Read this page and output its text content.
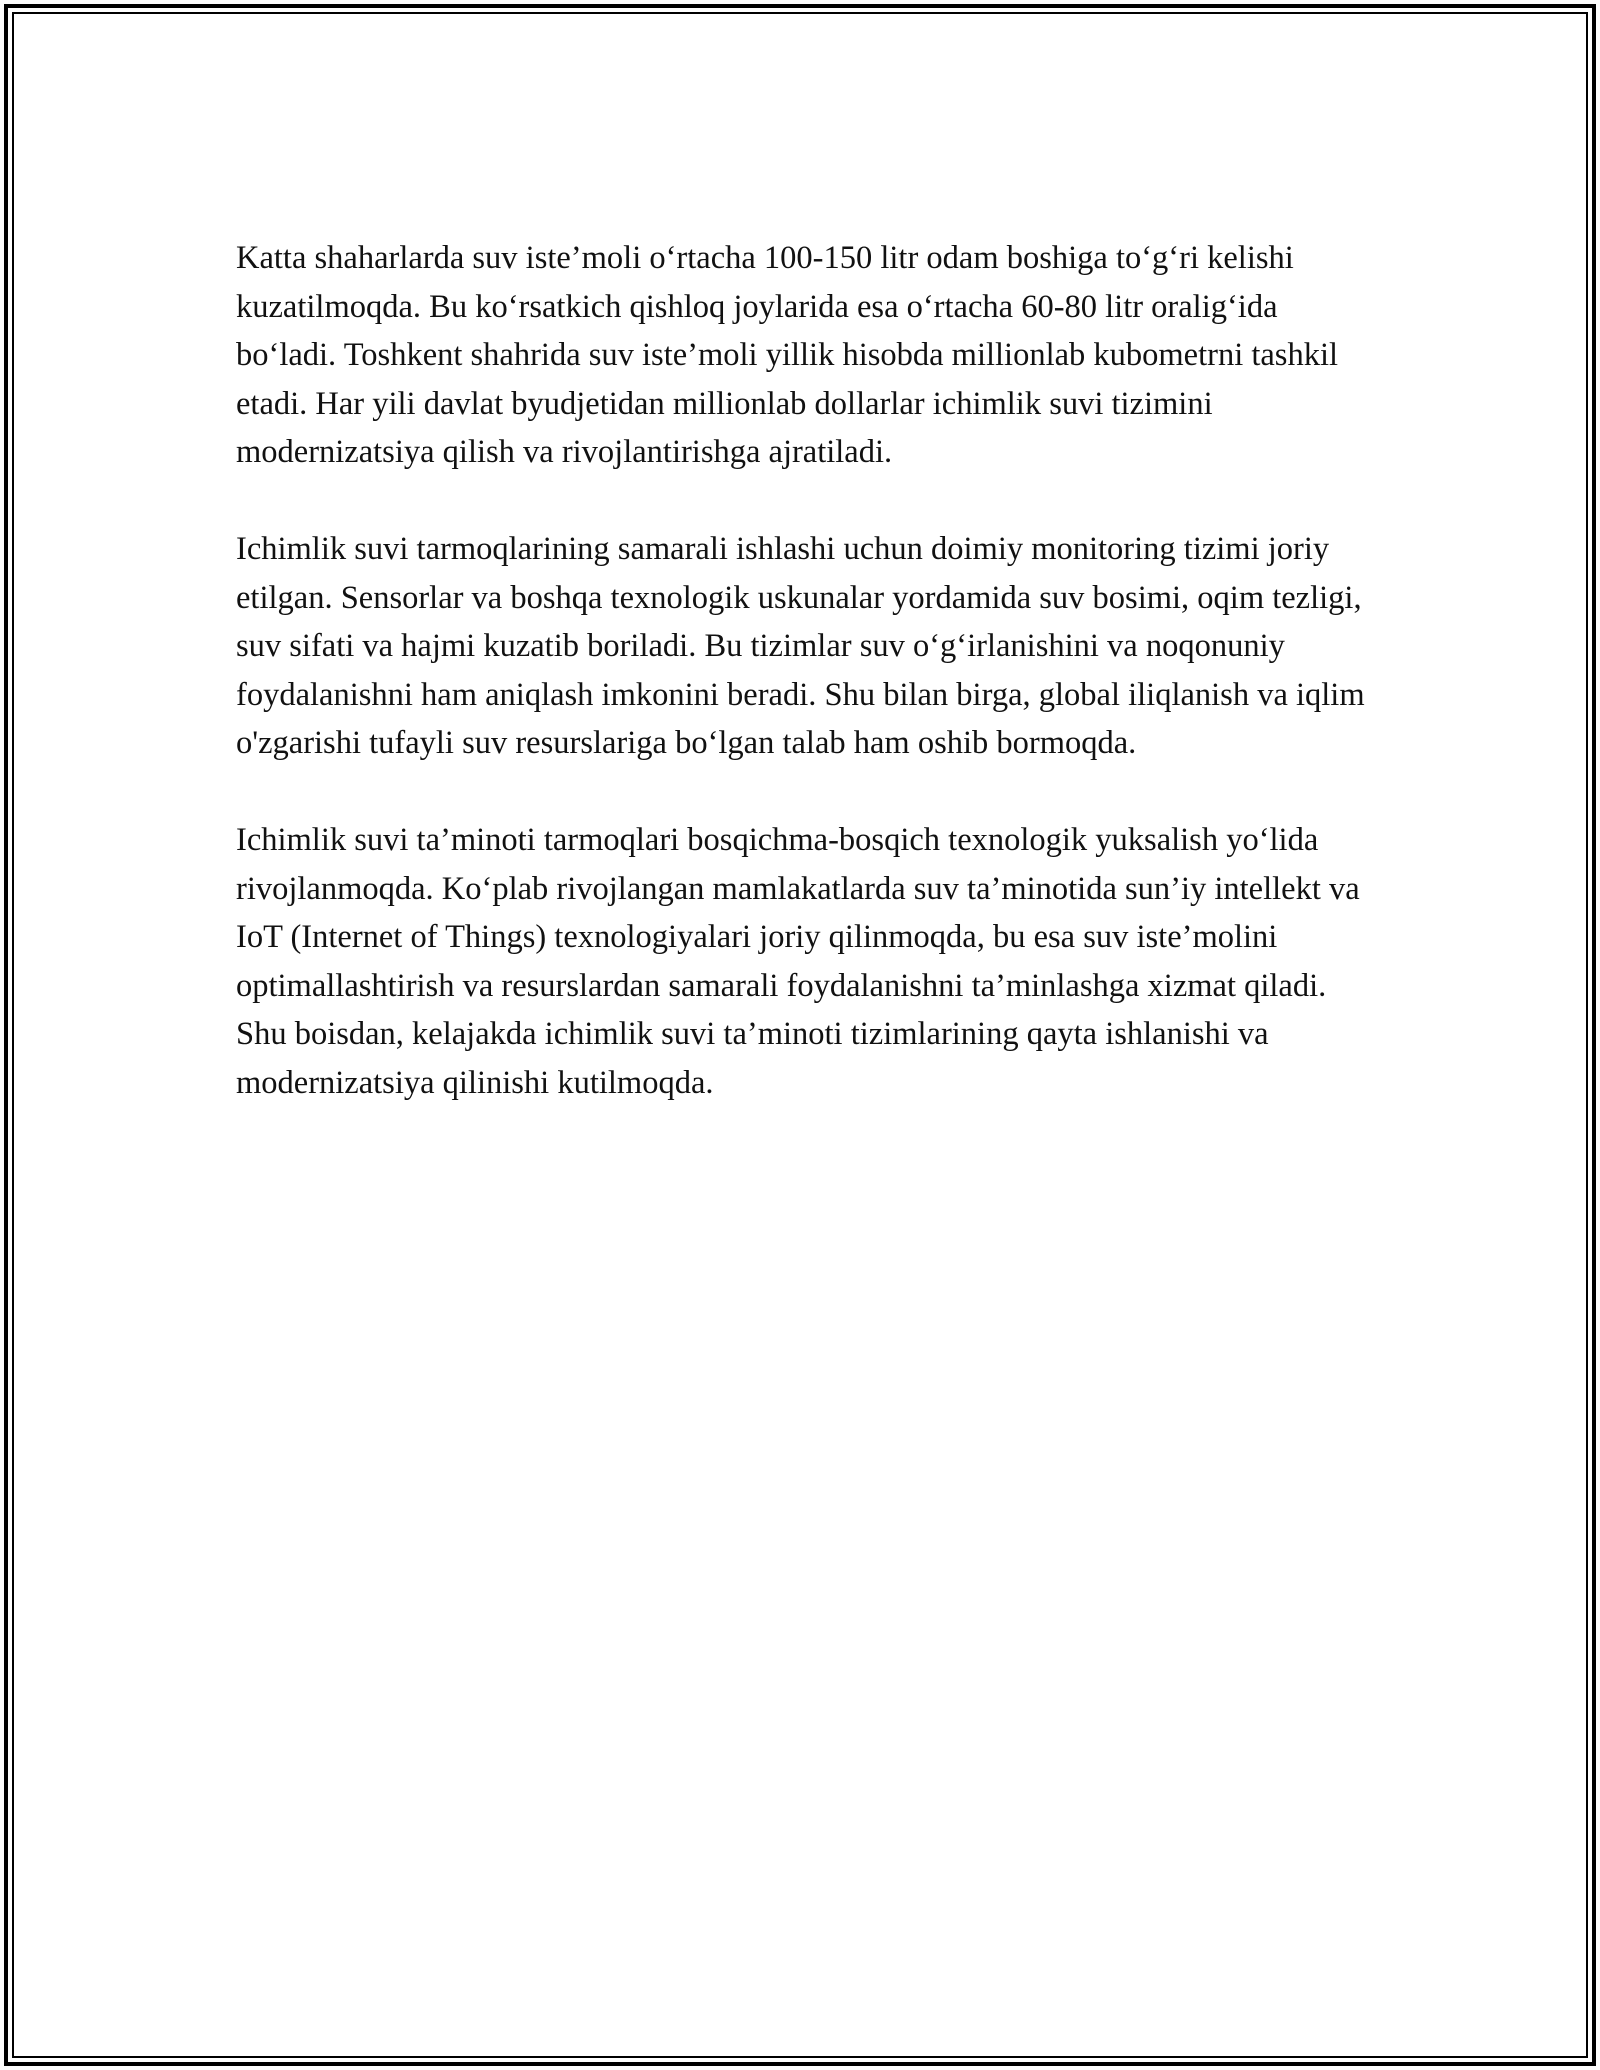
Katta shaharlarda suv iste’moli o‘rtacha 100-150 litr odam boshiga to‘g‘ri kelishi kuzatilmoqda. Bu ko‘rsatkich qishloq joylarida esa o‘rtacha 60-80 litr oralig‘ida bo‘ladi. Toshkent shahrida suv iste’moli yillik hisobda millionlab kubometrni tashkil etadi. Har yili davlat byudjetidan millionlab dollarlar ichimlik suvi tizimini modernizatsiya qilish va rivojlantirishga ajratiladi.

Ichimlik suvi tarmoqlarining samarali ishlashi uchun doimiy monitoring tizimi joriy etilgan. Sensorlar va boshqa texnologik uskunalar yordamida suv bosimi, oqim tezligi, suv sifati va hajmi kuzatib boriladi. Bu tizimlar suv o‘g‘irlanishini va noqonuniy foydalanishni ham aniqlash imkonini beradi. Shu bilan birga, global iliqlanish va iqlim o'zgarishi tufayli suv resurslariga bo‘lgan talab ham oshib bormoqda.

Ichimlik suvi ta’minoti tarmoqlari bosqichma-bosqich texnologik yuksalish yo‘lida rivojlanmoqda. Ko‘plab rivojlangan mamlakatlarda suv ta’minotida sun’iy intellekt va IoT (Internet of Things) texnologiyalari joriy qilinmoqda, bu esa suv iste’molini optimallashtirish va resurslardan samarali foydalanishni ta’minlashga xizmat qiladi. Shu boisdan, kelajakda ichimlik suvi ta’minoti tizimlarining qayta ishlanishi va modernizatsiya qilinishi kutilmoqda.
